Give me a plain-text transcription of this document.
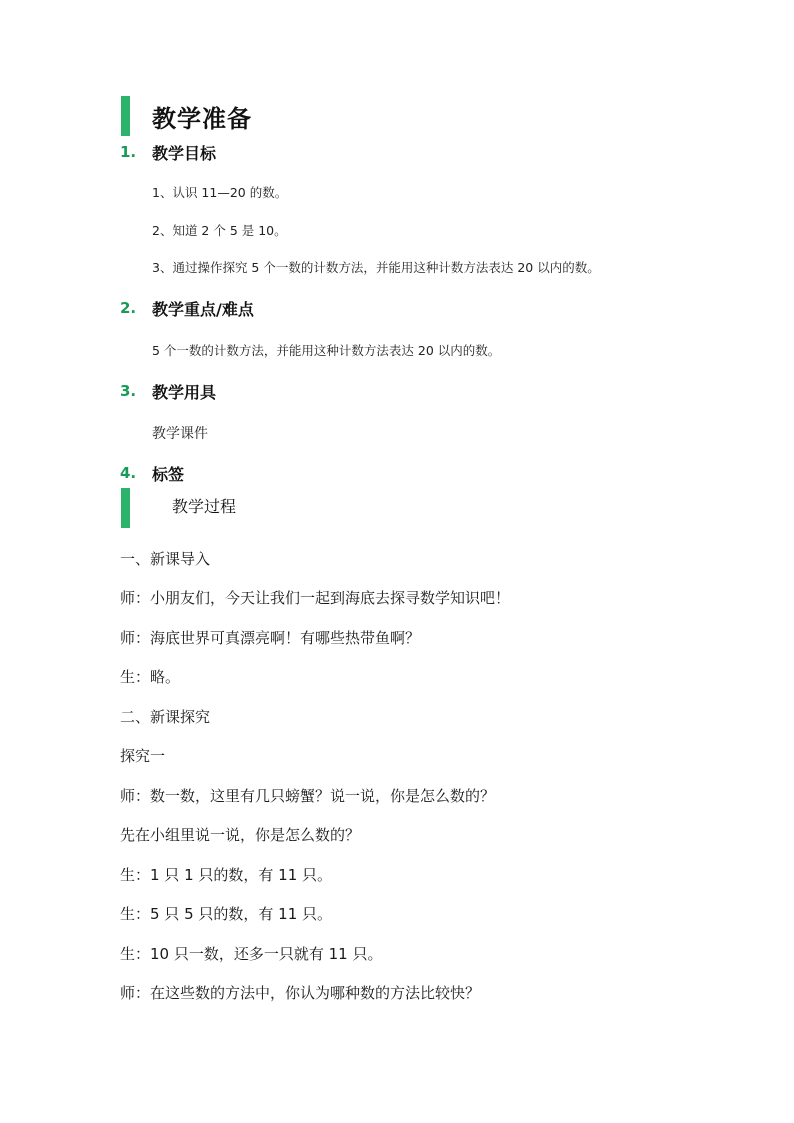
教学准备
1. 教学目标
1、认识 11—20 的数。
2、知道 2 个 5 是 10。
3、通过操作探究 5 个一数的计数方法，并能用这种计数方法表达 20 以内的数。
2. 教学重点/难点
5 个一数的计数方法，并能用这种计数方法表达 20 以内的数。
3. 教学用具
教学课件
4. 标签
教学过程
一、新课导入
师：小朋友们，今天让我们一起到海底去探寻数学知识吧！
师：海底世界可真漂亮啊！有哪些热带鱼啊？
生：略。
二、新课探究
探究一
师：数一数，这里有几只螃蟹？说一说，你是怎么数的？
先在小组里说一说，你是怎么数的？
生：1 只 1 只的数，有 11 只。
生：5 只 5 只的数，有 11 只。
生：10 只一数，还多一只就有 11 只。
师：在这些数的方法中，你认为哪种数的方法比较快？
